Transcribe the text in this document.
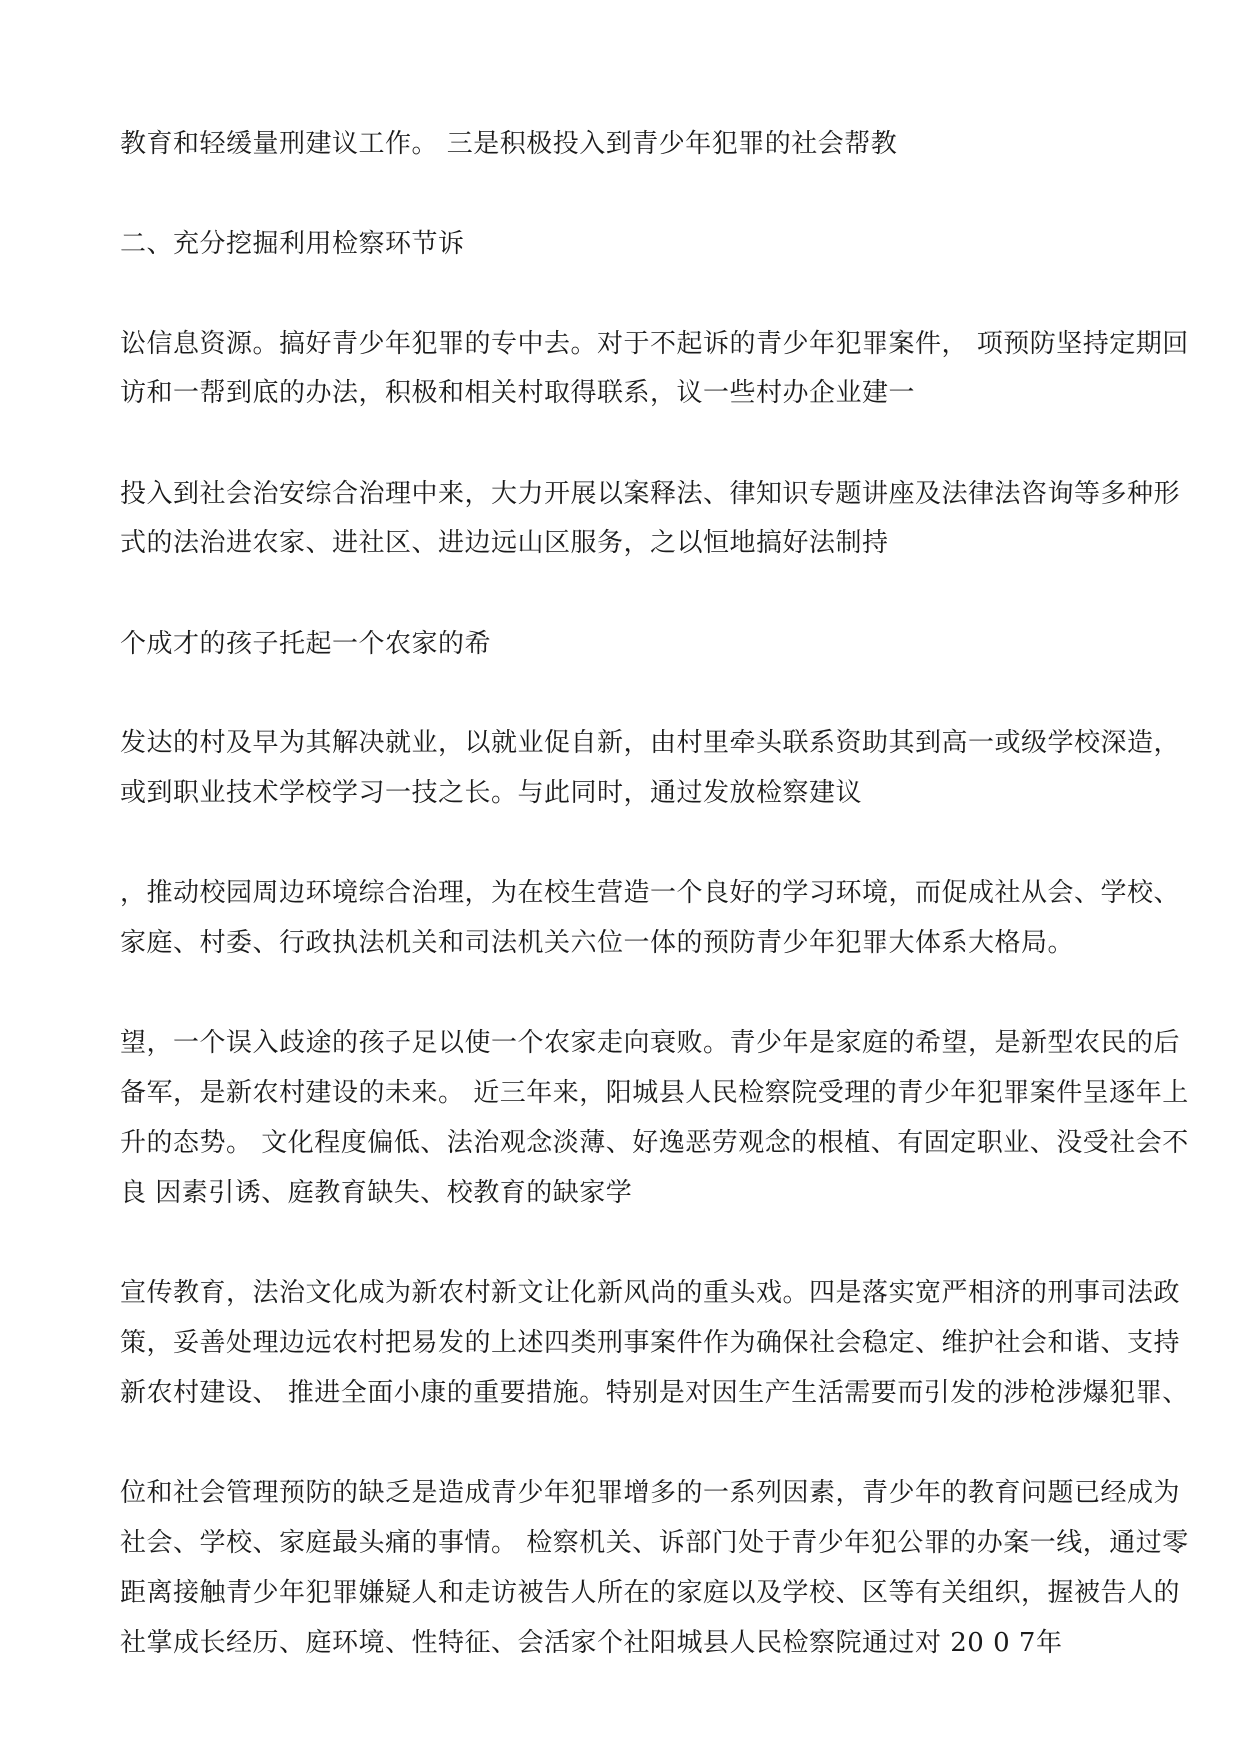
教育和轻缓量刑建议工作。 三是积极投入到青少年犯罪的社会帮教
二、充分挖掘利用检察环节诉
讼信息资源。搞好青少年犯罪的专中去。对于不起诉的青少年犯罪案件， 项预防坚持定期回
访和一帮到底的办法，积极和相关村取得联系，议一些村办企业建一
投入到社会治安综合治理中来，大力开展以案释法、律知识专题讲座及法律法咨询等多种形
式的法治进农家、进社区、进边远山区服务，之以恒地搞好法制持
个成才的孩子托起一个农家的希
发达的村及早为其解决就业，以就业促自新，由村里牵头联系资助其到高一或级学校深造，
或到职业技术学校学习一技之长。与此同时，通过发放检察建议
，推动校园周边环境综合治理，为在校生营造一个良好的学习环境，而促成社从会、学校、
家庭、村委、行政执法机关和司法机关六位一体的预防青少年犯罪大体系大格局。
望，一个误入歧途的孩子足以使一个农家走向衰败。青少年是家庭的希望，是新型农民的后
备军，是新农村建设的未来。 近三年来，阳城县人民检察院受理的青少年犯罪案件呈逐年上
升的态势。 文化程度偏低、法治观念淡薄、好逸恶劳观念的根植、有固定职业、没受社会不
良 因素引诱、庭教育缺失、校教育的缺家学
宣传教育，法治文化成为新农村新文让化新风尚的重头戏。四是落实宽严相济的刑事司法政
策，妥善处理边远农村把易发的上述四类刑事案件作为确保社会稳定、维护社会和谐、支持
新农村建设、 推进全面小康的重要措施。特别是对因生产生活需要而引发的涉枪涉爆犯罪、
位和社会管理预防的缺乏是造成青少年犯罪增多的一系列因素，青少年的教育问题已经成为
社会、学校、家庭最头痛的事情。 检察机关、诉部门处于青少年犯公罪的办案一线，通过零
距离接触青少年犯罪嫌疑人和走访被告人所在的家庭以及学校、区等有关组织，握被告人的
社掌成长经历、庭环境、性特征、会活家个社阳城县人民检察院通过对 20 0 7年
